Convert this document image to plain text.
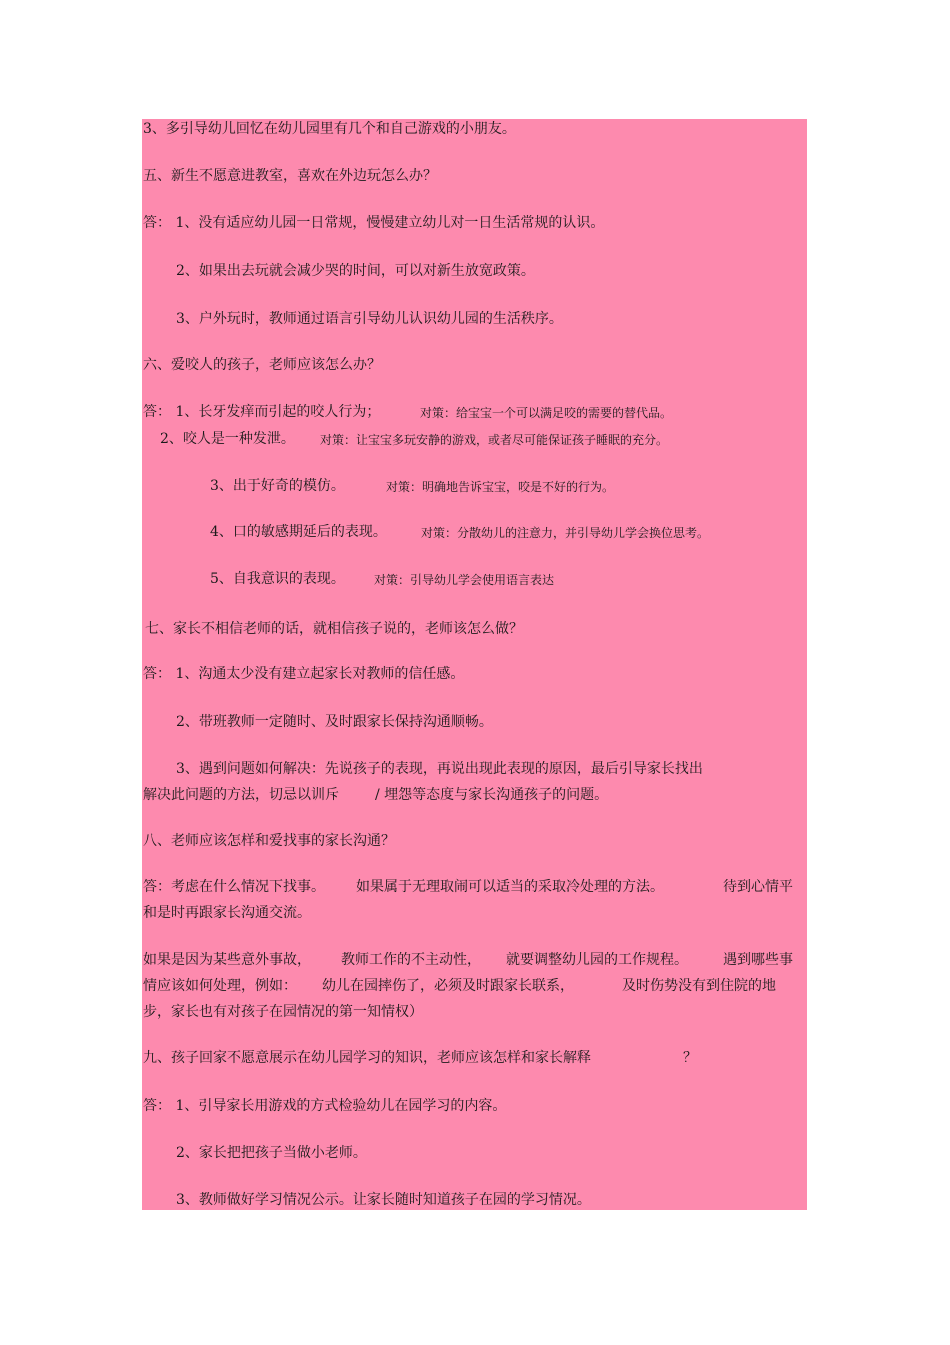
3、多引导幼儿回忆在幼儿园里有几个和自己游戏的小朋友。
五、新生不愿意进教室，喜欢在外边玩怎么办？
答： 1、没有适应幼儿园一日常规，慢慢建立幼儿对一日生活常规的认识。
2、如果出去玩就会减少哭的时间，可以对新生放宽政策。
3、户外玩时，教师通过语言引导幼儿认识幼儿园的生活秩序。
六、爱咬人的孩子，老师应该怎么办？
答： 1、长牙发痒而引起的咬人行为；	对策：给宝宝一个可以满足咬的需要的替代品。
2、咬人是一种发泄。 对策：让宝宝多玩安静的游戏，或者尽可能保证孩子睡眠的充分。
3、出于好奇的模仿。	对策：明确地告诉宝宝，咬是不好的行为。
4、口的敏感期延后的表现。	对策：分散幼儿的注意力，并引导幼儿学会换位思考。
5、自我意识的表现。 对策：引导幼儿学会使用语言表达
七、家长不相信老师的话，就相信孩子说的，老师该怎么做？
答： 1、沟通太少没有建立起家长对教师的信任感。
2、带班教师一定随时、及时跟家长保持沟通顺畅。
3、遇到问题如何解决：先说孩子的表现，再说出现此表现的原因，最后引导家长找出
解决此问题的方法，切忌以训斥	/ 埋怨等态度与家长沟通孩子的问题。
八、老师应该怎样和爱找事的家长沟通？
答：考虑在什么情况下找事。 如果属于无理取闹可以适当的采取冷处理的方法。	待到心情平
和是时再跟家长沟通交流。
如果是因为某些意外事故， 教师工作的不主动性， 就要调整幼儿园的工作规程。	遇到哪些事
情应该如何处理，例如： 幼儿在园摔伤了，必须及时跟家长联系，	及时伤势没有到住院的地
步，家长也有对孩子在园情况的第一知情权）
九、孩子回家不愿意展示在幼儿园学习的知识，老师应该怎样和家长解释	？
答： 1、引导家长用游戏的方式检验幼儿在园学习的内容。
2、家长把把孩子当做小老师。
3、教师做好学习情况公示。让家长随时知道孩子在园的学习情况。
